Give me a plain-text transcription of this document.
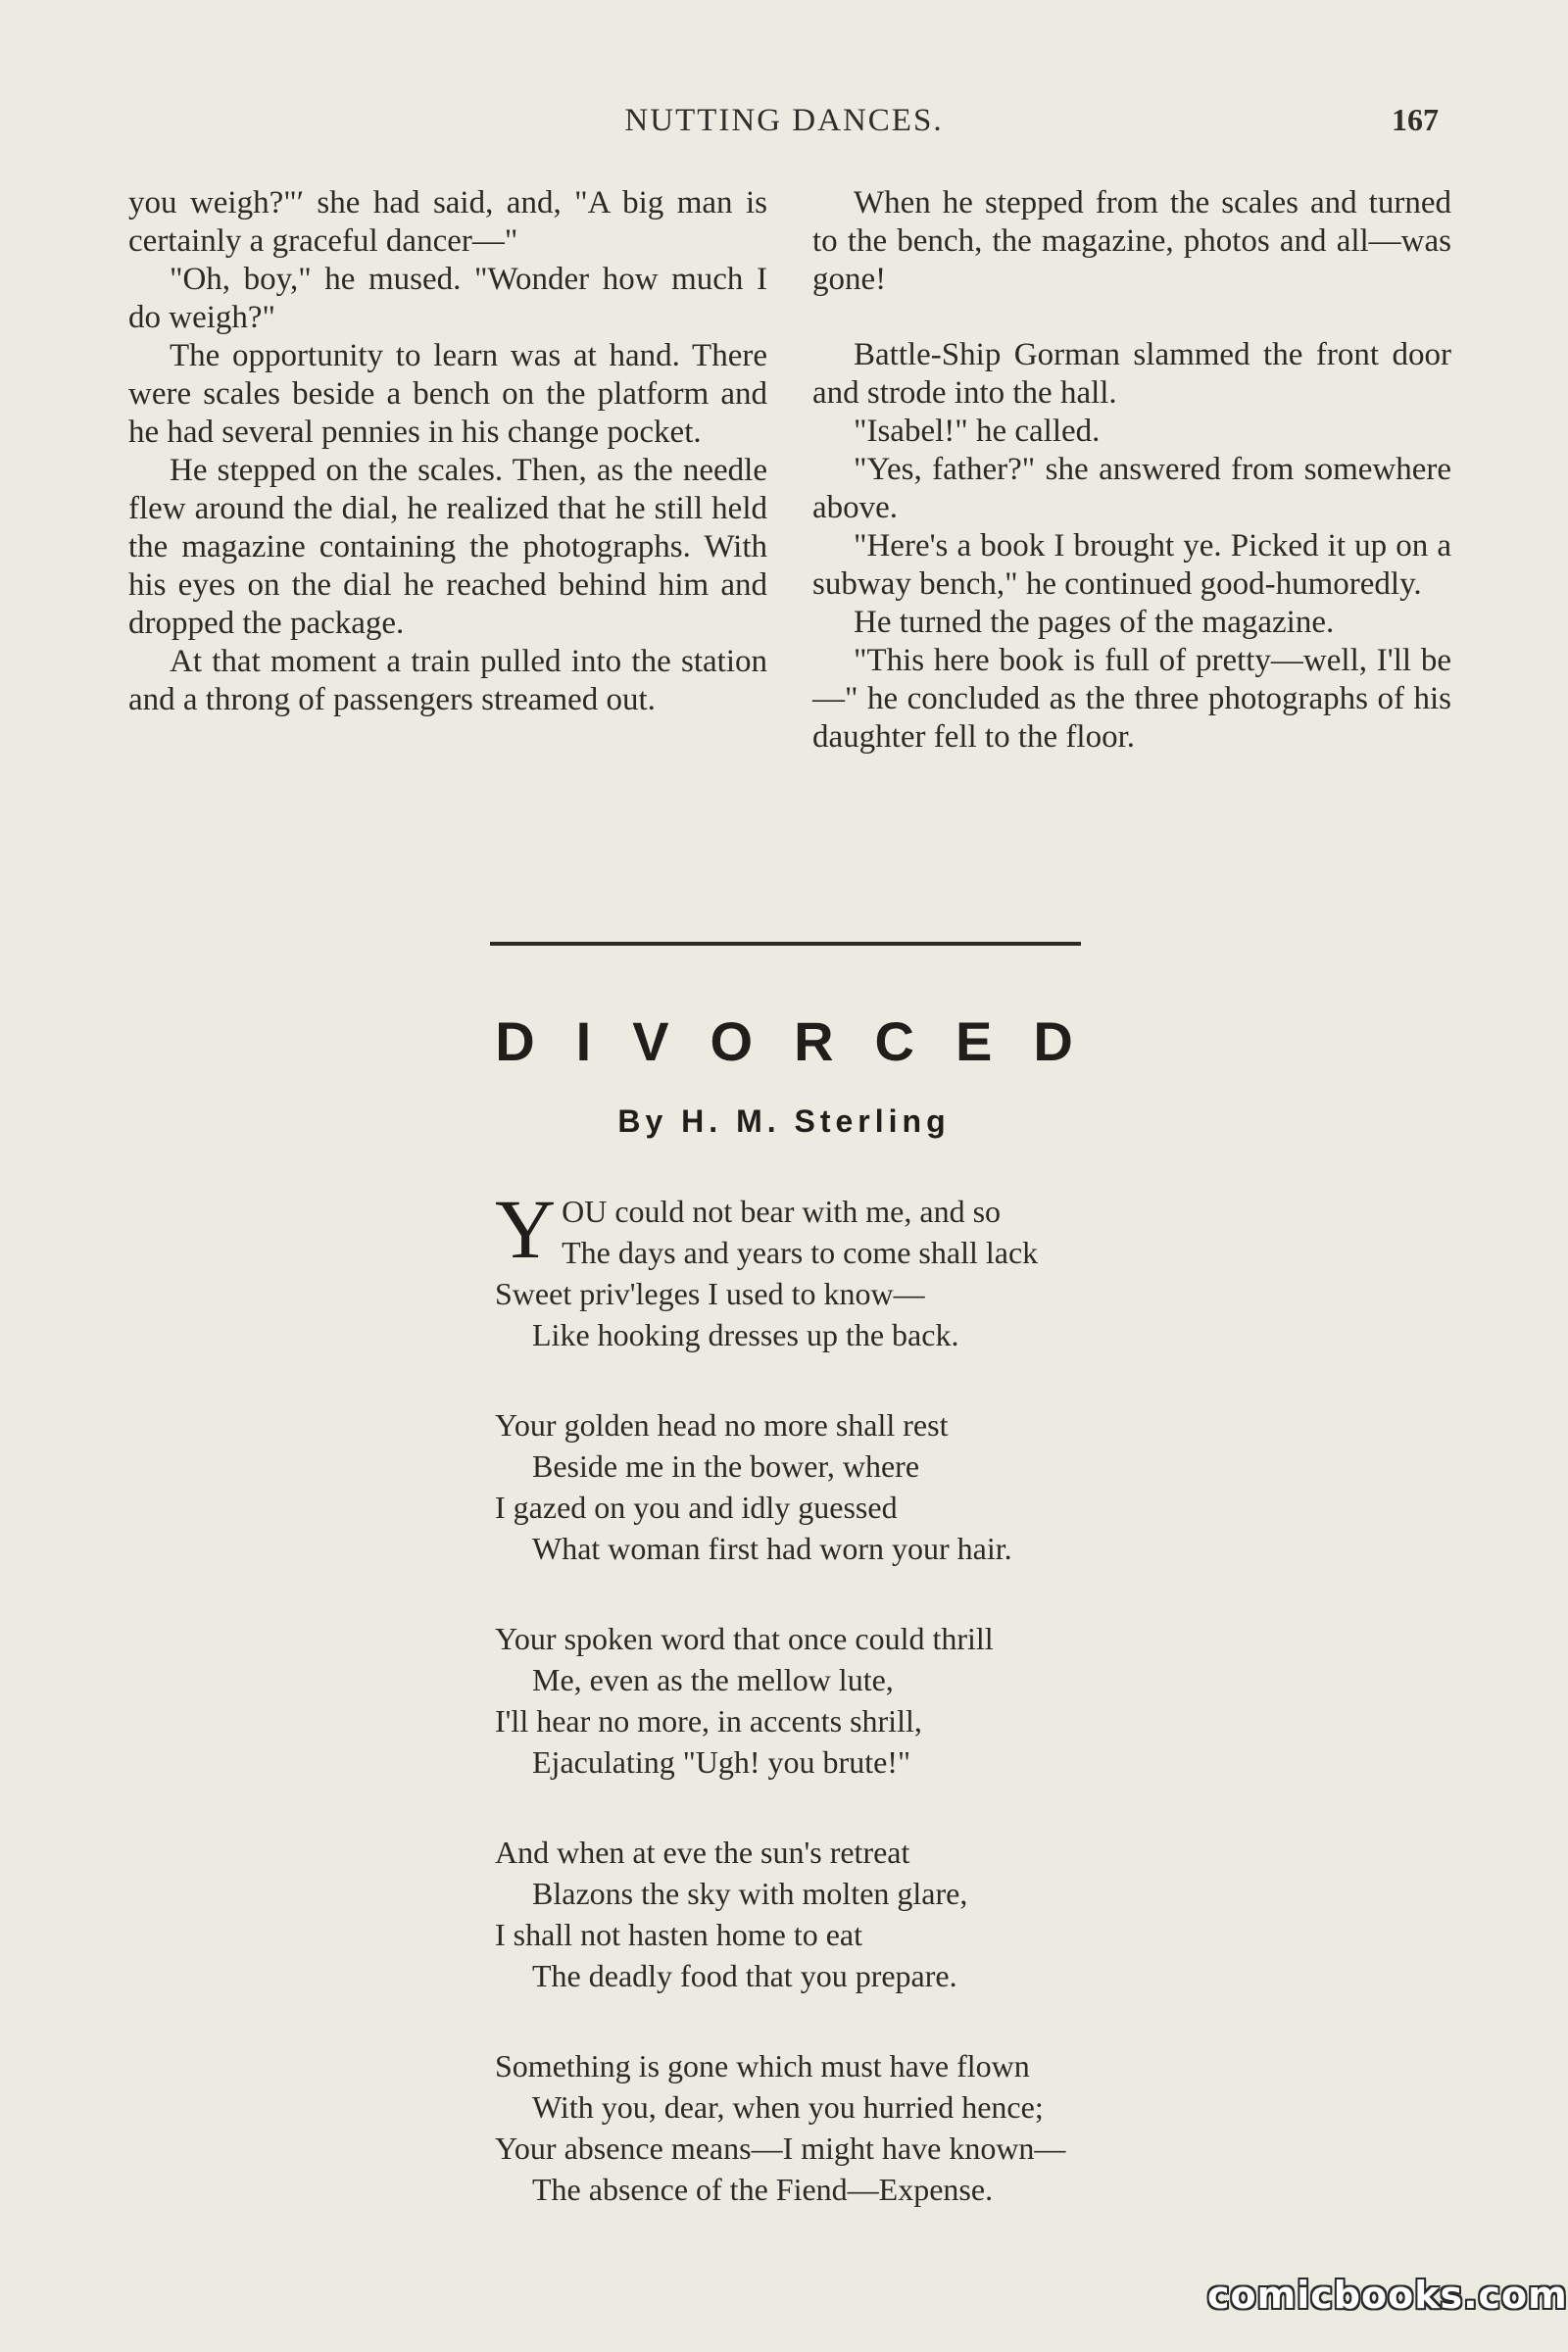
NUTTING DANCES.	167

you weigh?"′ she had said, and, "A big man is certainly a graceful dancer—"

"Oh, boy," he mused. "Wonder how much I do weigh?"

The opportunity to learn was at hand. There were scales beside a bench on the platform and he had several pennies in his change pocket.

He stepped on the scales. Then, as the needle flew around the dial, he realized that he still held the magazine containing the photographs. With his eyes on the dial he reached behind him and dropped the package.

At that moment a train pulled into the station and a throng of passengers streamed out.

When he stepped from the scales and turned to the bench, the magazine, photos and all—was gone!

Battle-Ship Gorman slammed the front door and strode into the hall.

"Isabel!" he called.

"Yes, father?" she answered from somewhere above.

"Here's a book I brought ye. Picked it up on a subway bench," he continued good-humoredly.

He turned the pages of the magazine.

"This here book is full of pretty—well, I'll be—" he concluded as the three photographs of his daughter fell to the floor.

DIVORCED
By H. M. Sterling
Y OU could not bear with me, and so
The days and years to come shall lack
Sweet priv'leges I used to know—
Like hooking dresses up the back.
Your golden head no more shall rest
Beside me in the bower, where
I gazed on you and idly guessed
What woman first had worn your hair.
Your spoken word that once could thrill
Me, even as the mellow lute,
I'll hear no more, in accents shrill,
Ejaculating "Ugh! you brute!"
And when at eve the sun's retreat
Blazons the sky with molten glare,
I shall not hasten home to eat
The deadly food that you prepare.
Something is gone which must have flown
With you, dear, when you hurried hence;
Your absence means—I might have known—
The absence of the Fiend—Expense.
comicbooks.com
